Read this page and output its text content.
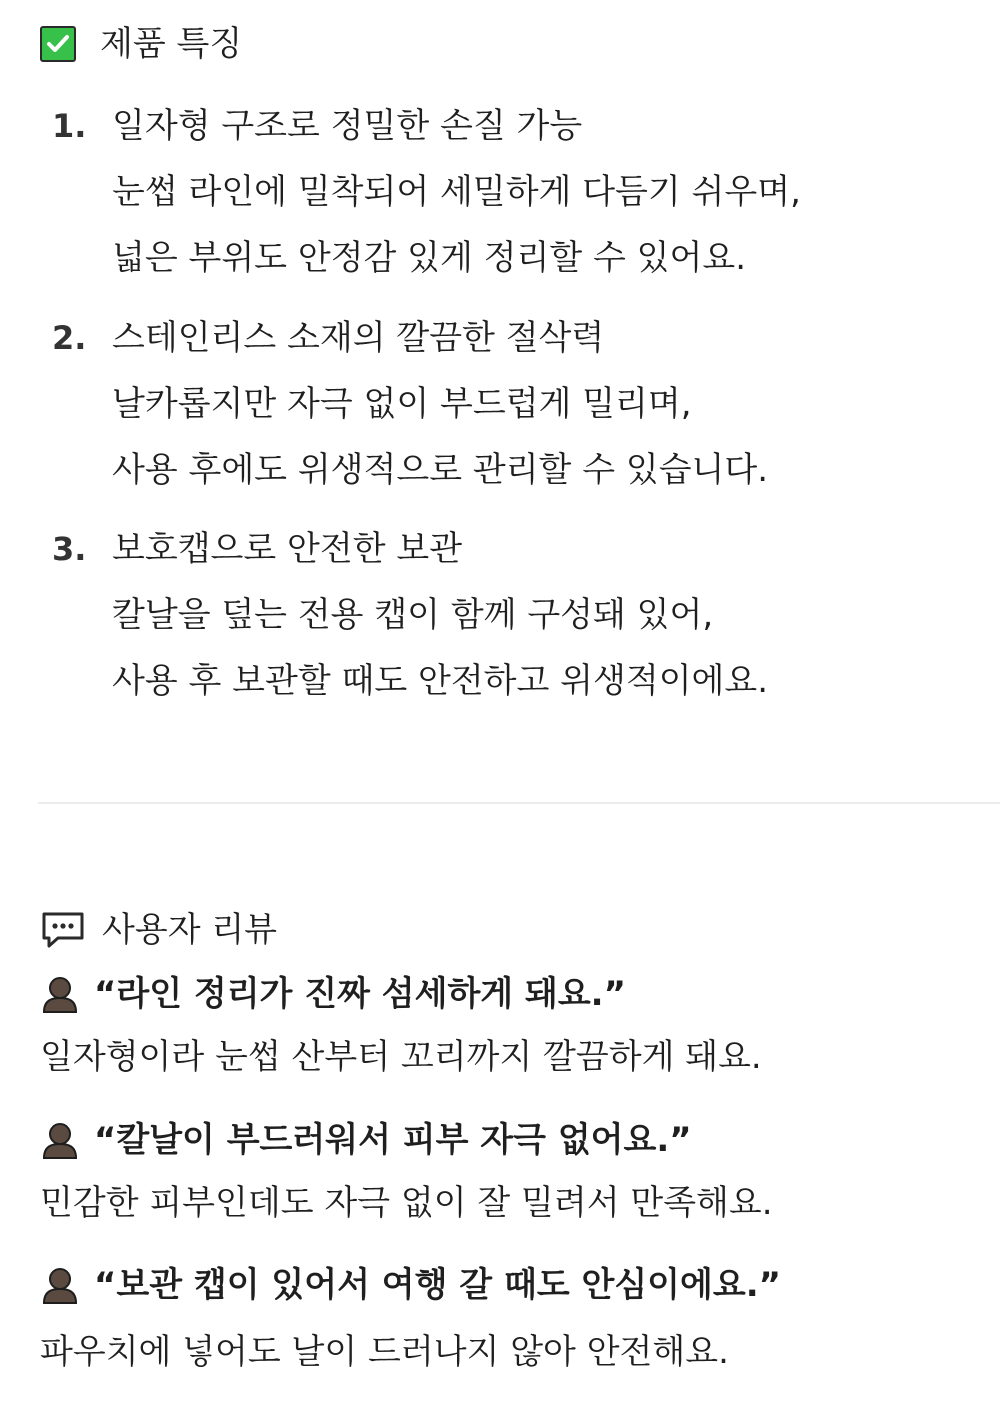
제품 특징
1. 일자형 구조로 정밀한 손질 가능
눈썹 라인에 밀착되어 세밀하게 다듬기 쉬우며,
넓은 부위도 안정감 있게 정리할 수 있어요.
2. 스테인리스 소재의 깔끔한 절삭력
날카롭지만 자극 없이 부드럽게 밀리며,
사용 후에도 위생적으로 관리할 수 있습니다.
3. 보호캡으로 안전한 보관
칼날을 덮는 전용 캡이 함께 구성돼 있어,
사용 후 보관할 때도 안전하고 위생적이에요.
사용자 리뷰
“라인 정리가 진짜 섬세하게 돼요.”
일자형이라 눈썹 산부터 꼬리까지 깔끔하게 돼요.
“칼날이 부드러워서 피부 자극 없어요.”
민감한 피부인데도 자극 없이 잘 밀려서 만족해요.
“보관 캡이 있어서 여행 갈 때도 안심이에요.”
파우치에 넣어도 날이 드러나지 않아 안전해요.
